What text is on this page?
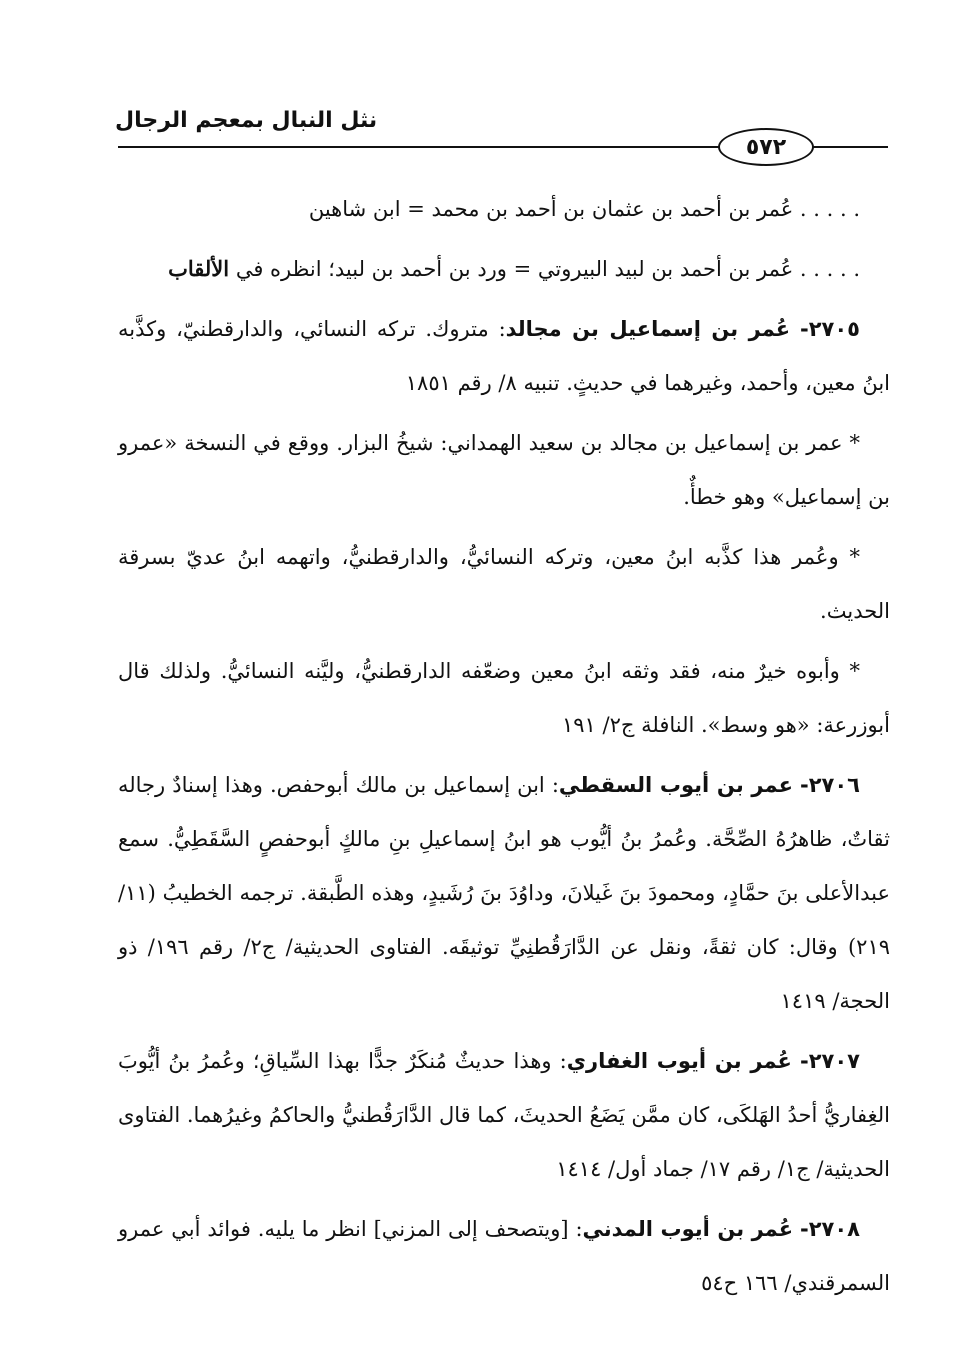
نثل النبال بمعجم الرجال
٥٧٢

. . . . . عُمر بن أحمد بن عثمان بن أحمد بن محمد = ابن شاهين

. . . . . عُمر بن أحمد بن لبيد البيروتي = ورد بن أحمد بن لبيد؛ انظره في الألقاب

٢٧٠٥- عُمر بن إسماعيل بن مجالد: متروك. تركه النسائي، والدارقطنيّ، وكذَّبه ابنُ معين، وأحمد، وغيرهما في حديثٍ. تنبيه ٨/ رقم ١٨٥١

* عمر بن إسماعيل بن مجالد بن سعيد الهمداني: شيخُ البزار. ووقع في النسخة «عمرو بن إسماعيل» وهو خطأٌ.

* وعُمر هذا كذَّبه ابنُ معين، وتركه النسائيُّ، والدارقطنيُّ، واتهمه ابنُ عديّ بسرقة الحديث.

* وأبوه خيرٌ منه، فقد وثقه ابنُ معين وضعّفه الدارقطنيُّ، وليَّنه النسائيُّ. ولذلك قال أبوزرعة: «هو وسط». النافلة ج٢/ ١٩١

٢٧٠٦- عمر بن أيوب السقطي: ابن إسماعيل بن مالك أبوحفص. وهذا إسنادٌ رجاله ثقاتٌ، ظاهرُهُ الصِّحَّة. وعُمرُ بنُ أيُّوب هو ابنُ إسماعيلِ بنِ مالكٍ أبوحفصٍ السَّقَطِيُّ. سمع عبدالأعلى بنَ حمَّادٍ، ومحمودَ بنَ غَيلانَ، وداوُدَ بنَ رُشَيدٍ، وهذه الطَّبقة. ترجمه الخطيبُ (١١/ ٢١٩) وقال: كان ثقةً، ونقل عن الدَّارَقُطنِيِّ توثيقَه. الفتاوى الحديثية/ ج٢/ رقم ١٩٦/ ذو الحجة/ ١٤١٩

٢٧٠٧- عُمر بن أيوب الغفاري: وهذا حديثٌ مُنكَرٌ جدًّا بهذا السِّياقِ؛ وعُمرُ بنُ أيُّوبَ الغِفاريُّ أحدُ الهَلكَى، كان ممَّن يَضَعُ الحديثَ، كما قال الدَّارَقُطنيُّ والحاكمُ وغيرُهما. الفتاوى الحديثية/ ج١/ رقم ١٧/ جماد أول/ ١٤١٤

٢٧٠٨- عُمر بن أيوب المدني: [ويتصحف إلى المزني] انظر ما يليه. فوائد أبي عمرو السمرقندي/ ١٦٦ ح٥٤
